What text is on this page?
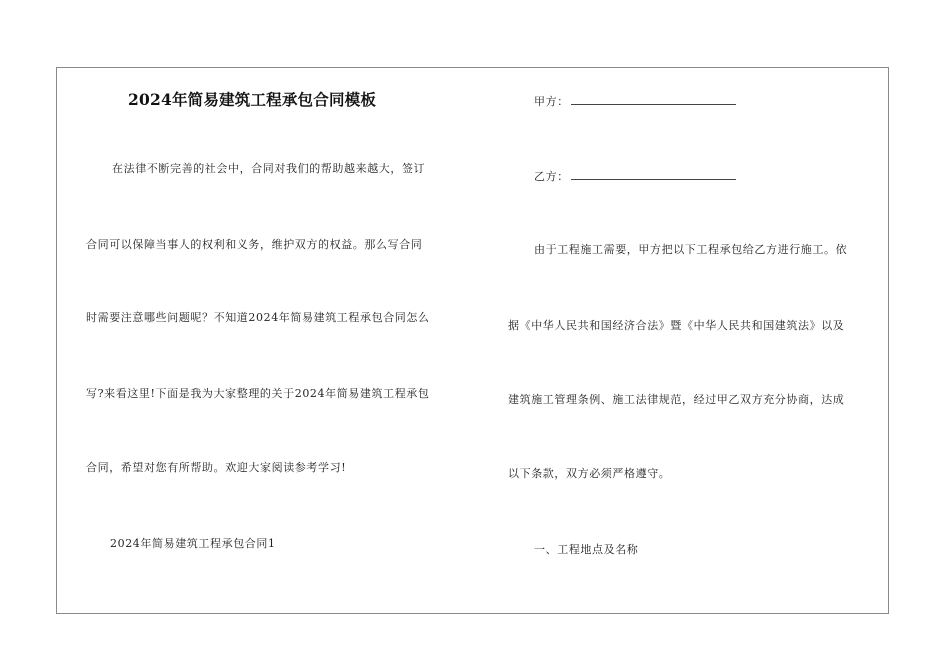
2024年简易建筑工程承包合同模板
在法律不断完善的社会中，合同对我们的帮助越来越大，签订
合同可以保障当事人的权利和义务，维护双方的权益。那么写合同
时需要注意哪些问题呢？不知道2024年简易建筑工程承包合同怎么
写?来看这里!下面是我为大家整理的关于2024年简易建筑工程承包
合同，希望对您有所帮助。欢迎大家阅读参考学习!
2024年简易建筑工程承包合同1
甲方：
乙方：
由于工程施工需要，甲方把以下工程承包给乙方进行施工。依
据《中华人民共和国经济合法》暨《中华人民共和国建筑法》以及
建筑施工管理条例、施工法律规范，经过甲乙双方充分协商，达成
以下条款，双方必须严格遵守。
一、工程地点及名称
